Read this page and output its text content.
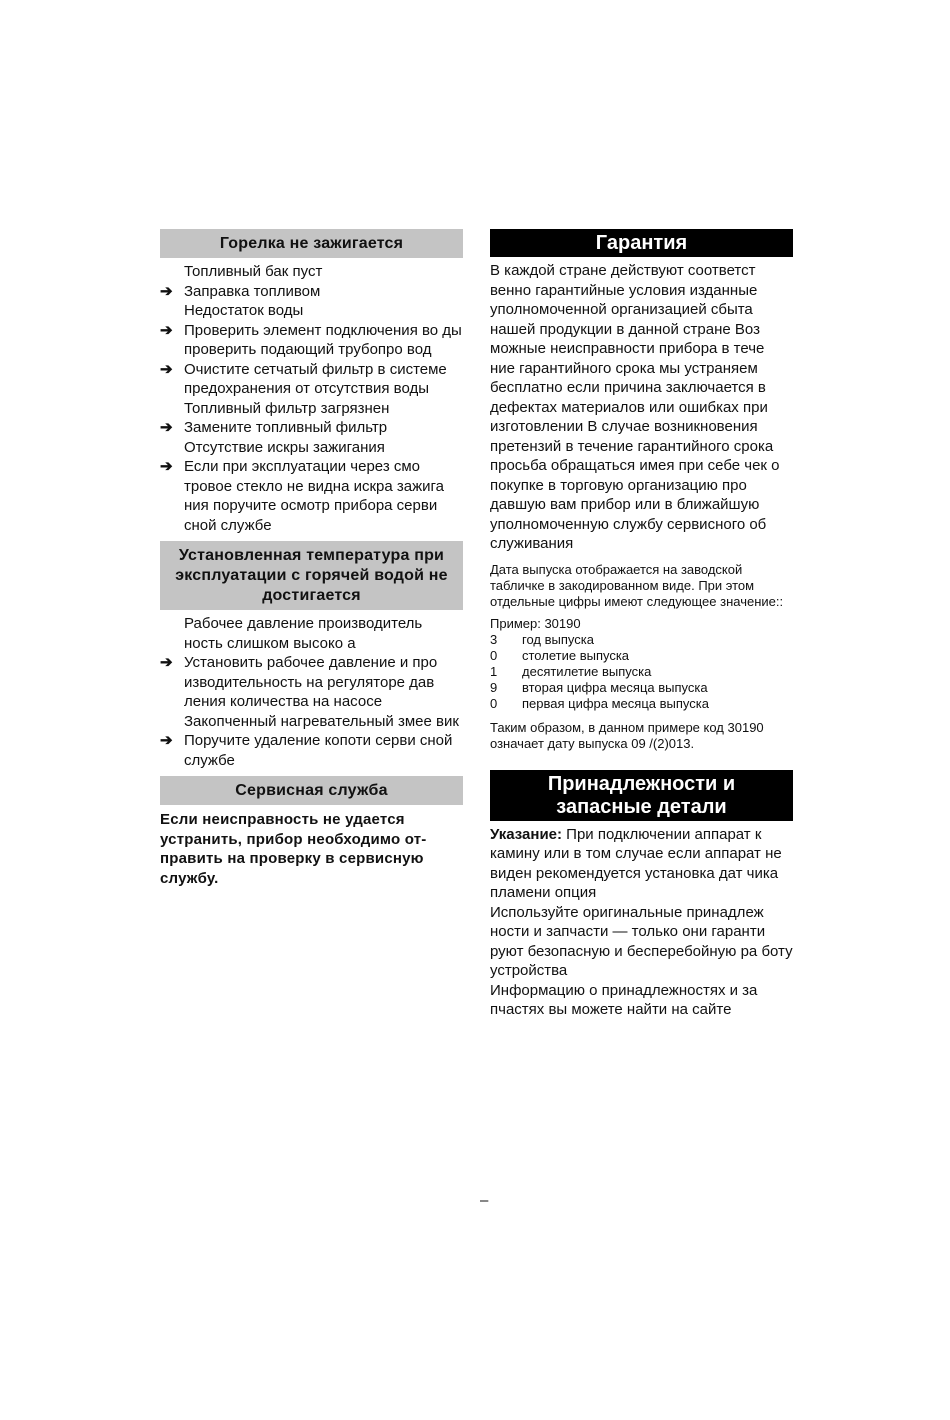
Горелка не зажигается
Топливный бак пуст
➔ Заправка топливом
Недостаток воды
➔ Проверить элемент подключения во ды проверить подающий трубопро вод
➔ Очистите сетчатый фильтр в системе предохранения от отсутствия воды
Топливный фильтр загрязнен
➔ Замените топливный фильтр
Отсутствие искры зажигания
➔ Если при эксплуатации через смо тровое стекло не видна искра зажига ния поручите осмотр прибора серви сной службе
Установленная температура при эксплуатации с горячей водой не достигается
Рабочее давление производитель ность слишком высоко а
➔ Установить рабочее давление и про изводительность на регуляторе дав ления количества на насосе
Закопченный нагревательный змее вик
➔ Поручите удаление копоти серви сной службе
Сервисная служба
Если неисправность не удается устранить, прибор необходимо от- править на проверку в сервисную службу.
Гарантия
В каждой стране действуют соответст венно гарантийные условия изданные уполномоченной организацией сбыта нашей продукции в данной стране Воз можные неисправности прибора в тече ние гарантийного срока мы устраняем бесплатно если причина заключается в дефектах материалов или ошибках при изготовлении В случае возникновения претензий в течение гарантийного срока просьба обращаться имея при себе чек о покупке в торговую организацию про давшую вам прибор или в ближайшую уполномоченную службу сервисного об служивания
Дата выпуска отображается на заводской табличке в закодированном виде. При этом отдельные цифры имеют следующее значение::
Пример: 30190
3	год выпуска
0	столетие выпуска
1	десятилетие выпуска
9	вторая цифра месяца выпуска
0	первая цифра месяца выпуска
Таким образом, в данном примере код 30190 означает дату выпуска 09 /(2)013.
Принадлежности и
запасные детали
Указание: При подключении аппарат к камину или в том случае если аппарат не виден рекомендуется установка дат чика пламени опция
Используйте оригинальные принадлеж ности и запчасти — только они гаранти руют безопасную и бесперебойную ра боту устройства
Информацию о принадлежностях и за пчастях вы можете найти на сайте
–
